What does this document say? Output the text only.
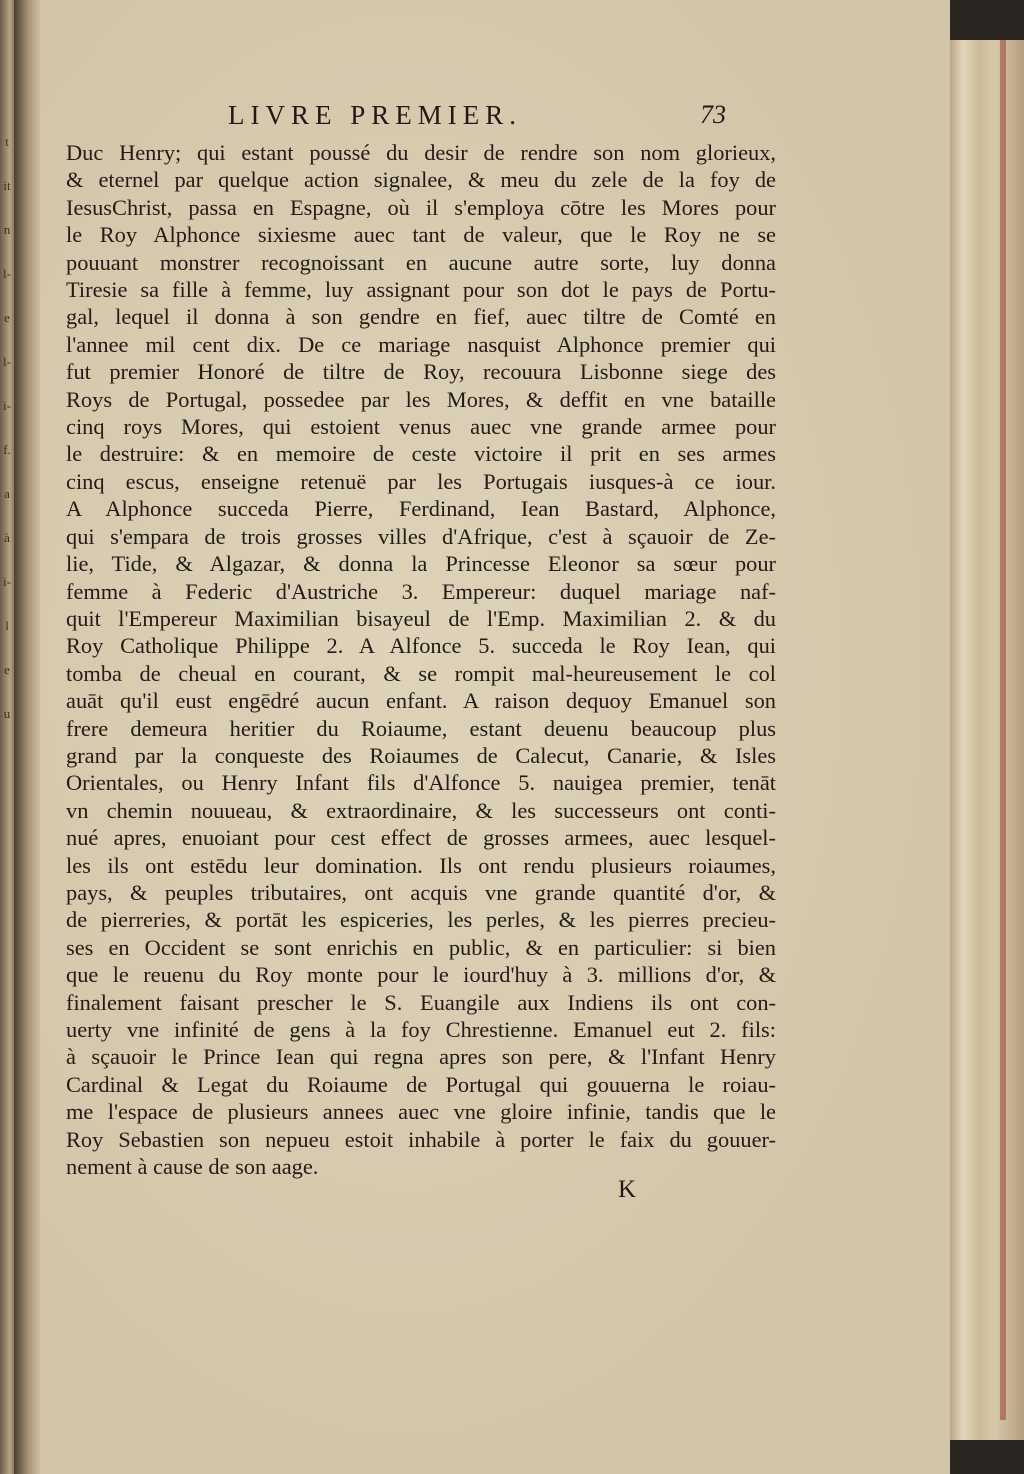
t
it
n
l-
e
l-
i-
f.
a
à
i-
l
e
u
LIVRE PREMIER.	73
Duc Henry; qui estant poussé du desir de rendre son nom glorieux,
& eternel par quelque action signalee, & meu du zele de la foy de
IesusChrist, passa en Espagne, où il s'employa cōtre les Mores pour
le Roy Alphonce sixiesme auec tant de valeur, que le Roy ne se
pouuant monstrer recognoissant en aucune autre sorte, luy donna
Tiresie sa fille à femme, luy assignant pour son dot le pays de Portu-
gal, lequel il donna à son gendre en fief, auec tiltre de Comté en
l'annee mil cent dix. De ce mariage nasquist Alphonce premier qui
fut premier Honoré de tiltre de Roy, recouura Lisbonne siege des
Roys de Portugal, possedee par les Mores, & deffit en vne bataille
cinq roys Mores, qui estoient venus auec vne grande armee pour
le destruire: & en memoire de ceste victoire il prit en ses armes
cinq escus, enseigne retenuë par les Portugais iusques-à ce iour.
A Alphonce succeda Pierre, Ferdinand, Iean Bastard, Alphonce,
qui s'empara de trois grosses villes d'Afrique, c'est à sçauoir de Ze-
lie, Tide, & Algazar, & donna la Princesse Eleonor sa sœur pour
femme à Federic d'Austriche 3. Empereur: duquel mariage naf-
quit l'Empereur Maximilian bisayeul de l'Emp. Maximilian 2. & du
Roy Catholique Philippe 2. A Alfonce 5. succeda le Roy Iean, qui
tomba de cheual en courant, & se rompit mal-heureusement le col
auāt qu'il eust engēdré aucun enfant. A raison dequoy Emanuel son
frere demeura heritier du Roiaume, estant deuenu beaucoup plus
grand par la conqueste des Roiaumes de Calecut, Canarie, & Isles
Orientales, ou Henry Infant fils d'Alfonce 5. nauigea premier, tenāt
vn chemin nouueau, & extraordinaire, & les successeurs ont conti-
nué apres, enuoiant pour cest effect de grosses armees, auec lesquel-
les ils ont estēdu leur domination. Ils ont rendu plusieurs roiaumes,
pays, & peuples tributaires, ont acquis vne grande quantité d'or, &
de pierreries, & portāt les espiceries, les perles, & les pierres precieu-
ses en Occident se sont enrichis en public, & en particulier: si bien
que le reuenu du Roy monte pour le iourd'huy à 3. millions d'or, &
finalement faisant prescher le S. Euangile aux Indiens ils ont con-
uerty vne infinité de gens à la foy Chrestienne. Emanuel eut 2. fils:
à sçauoir le Prince Iean qui regna apres son pere, & l'Infant Henry
Cardinal & Legat du Roiaume de Portugal qui gouuerna le roiau-
me l'espace de plusieurs annees auec vne gloire infinie, tandis que le
Roy Sebastien son nepueu estoit inhabile à porter le faix du gouuer-
nement à cause de son aage.
K
